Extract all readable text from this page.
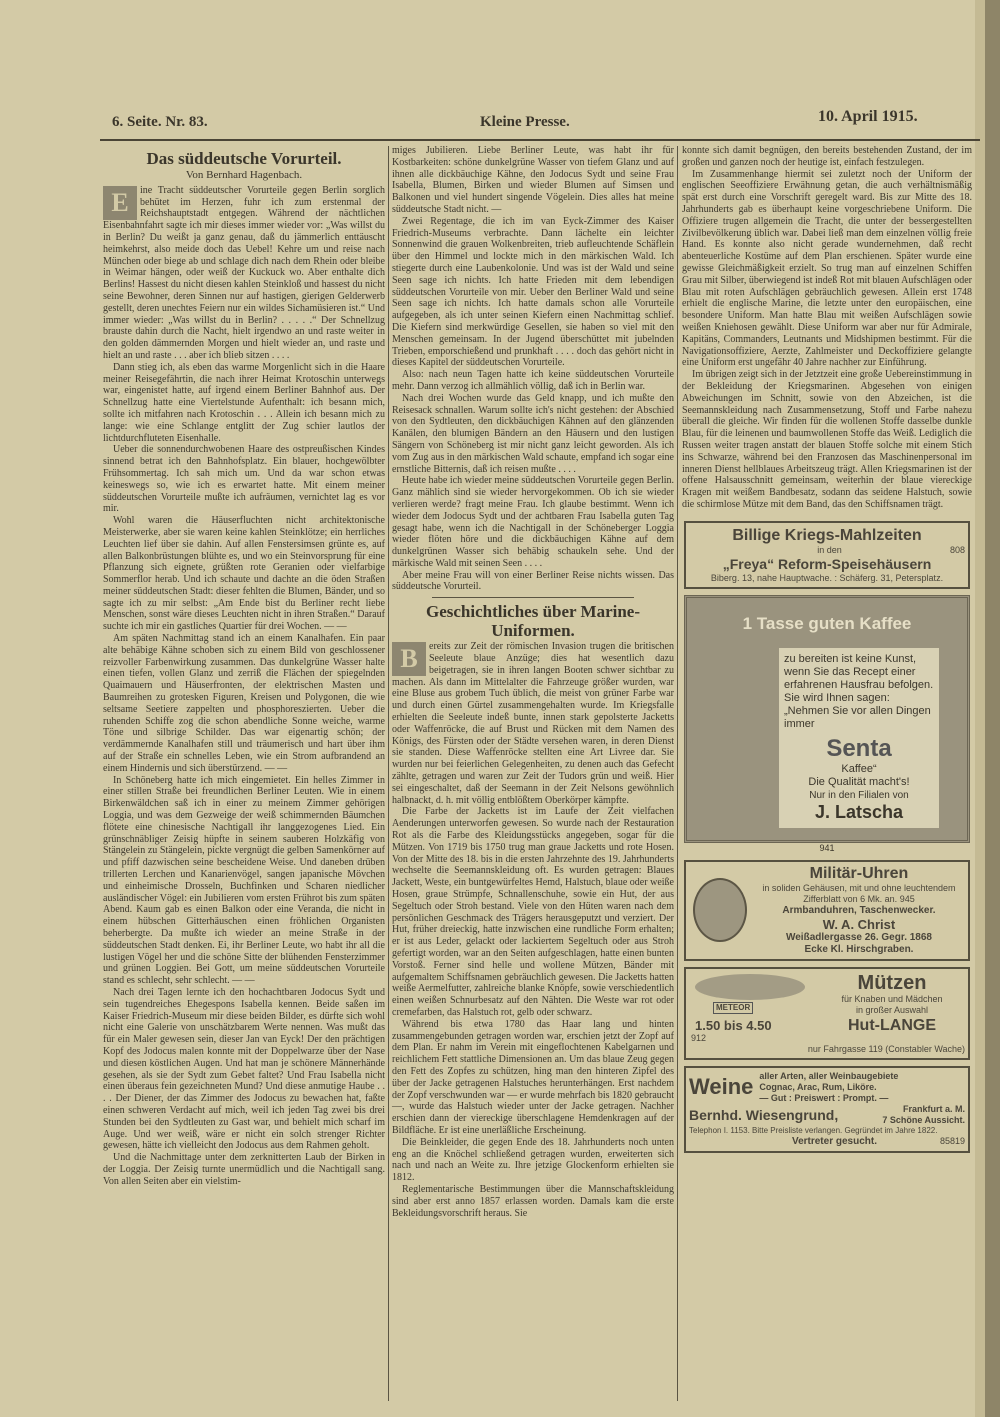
6. Seite. Nr. 83.	Kleine Presse.	10. April 1915.
Das süddeutsche Vorurteil.
Von Bernhard Hagenbach.
E	ine Tracht süddeutscher Vorurteile gegen Berlin sorglich behütet im Herzen, fuhr ich zum erstenmal der Reichshauptstadt entgegen. Während der nächtlichen Eisenbahnfahrt sagte ich mir dieses immer wieder vor: „Was willst du in Berlin? Du weißt ja ganz genau, daß du jämmerlich enttäuscht heimkehrst, also meide doch das Uebel! Kehre um und reise nach München oder biege ab und schlage dich nach dem Rhein oder bleibe in Weimar hängen, oder weiß der Kuckuck wo. Aber enthalte dich Berlins! Hassest du nicht diesen kahlen Steinkloß und hassest du nicht seine Bewohner, deren Sinnen nur auf hastigen, gierigen Gelderwerb gestellt, deren unechtes Feiern nur ein wildes Sichamüsieren ist.“ Und immer wieder: „Was willst du in Berlin? . . . . .“ Der Schnellzug brauste dahin durch die Nacht, hielt irgendwo an und raste weiter in den golden dämmernden Morgen und hielt wieder an, und raste und hielt an und raste . . . aber ich blieb sitzen . . . .

Dann stieg ich, als eben das warme Morgenlicht sich in die Haare meiner Reisegefährtin, die nach ihrer Heimat Krotoschin unterwegs war, eingenistet hatte, auf irgend einem Berliner Bahnhof aus. Der Schnellzug hatte eine Viertelstunde Aufenthalt: ich besann mich, sollte ich mitfahren nach Krotoschin . . . Allein ich besann mich zu lange: wie eine Schlange entglitt der Zug schier lautlos der lichtdurchfluteten Eisenhalle.

Ueber die sonnendurchwobenen Haare des ostpreußischen Kindes sinnend betrat ich den Bahnhofsplatz. Ein blauer, hochgewölbter Frühsommertag. Ich sah mich um. Und da war schon etwas keineswegs so, wie ich es erwartet hatte. Mit einem meiner süddeutschen Vorurteile mußte ich aufräumen, vernichtet lag es vor mir.

Wohl waren die Häuserfluchten nicht architektonische Meisterwerke, aber sie waren keine kahlen Steinklötze; ein herrliches Leuchten lief über sie dahin. Auf allen Fenstersimsen grünte es, auf allen Balkonbrüstungen blühte es, und wo ein Steinvorsprung für eine Pflanzung sich eignete, grüßten rote Geranien oder vielfarbige Sommerflor herab. Und ich schaute und dachte an die öden Straßen meiner süddeutschen Stadt: dieser fehlten die Blumen, Bänder, und so sagte ich zu mir selbst: „Am Ende bist du Berliner recht liebe Menschen, sonst wäre dieses Leuchten nicht in ihren Straßen.“ Darauf suchte ich mir ein gastliches Quartier für drei Wochen. — —

Am späten Nachmittag stand ich an einem Kanalhafen. Ein paar alte behäbige Kähne schoben sich zu einem Bild von geschlossener reizvoller Farbenwirkung zusammen. Das dunkelgrüne Wasser halte einen tiefen, vollen Glanz und zerriß die Flächen der spiegelnden Quaimauern und Häuserfronten, der elektrischen Masten und Baumreihen zu grotesken Figuren, Kreisen und Polygonen, die wie seltsame Seetiere zappelten und phosphoreszierten. Ueber die ruhenden Schiffe zog die schon abendliche Sonne weiche, warme Töne und silbrige Schilder. Das war eigenartig schön; der verdämmernde Kanalhafen still und träumerisch und hart über ihm auf der Straße ein schnelles Leben, wie ein Strom aufbrandend an einem Hindernis und sich überstürzend. — —

In Schöneberg hatte ich mich eingemietet. Ein helles Zimmer in einer stillen Straße bei freundlichen Berliner Leuten. Wie in einem Birkenwäldchen saß ich in einer zu meinem Zimmer gehörigen Loggia, und was dem Gezweige der weiß schimmernden Bäumchen flötete eine chinesische Nachtigall ihr langgezogenes Lied. Ein grünschnäbliger Zeisig hüpfte in seinem sauberen Holzkäfig von Stängelein zu Stängelein, pickte vergnügt die gelben Samenkörner auf und pfiff dazwischen seine bescheidene Weise. Und daneben drüben trillerten Lerchen und Kanarienvögel, sangen japanische Mövchen und einheimische Drosseln, Buchfinken und Scharen niedlicher ausländischer Vögel: ein Jubilieren vom ersten Frührot bis zum späten Abend. Kaum gab es einen Balkon oder eine Veranda, die nicht in einem hübschen Gitterhäuschen einen fröhlichen Organisten beherbergte. Da mußte ich wieder an meine Straße in der süddeutschen Stadt denken. Ei, ihr Berliner Leute, wo habt ihr all die lustigen Vögel her und die schöne Sitte der blühenden Fensterzimmer und grünen Loggien. Bei Gott, um meine süddeutschen Vorurteile stand es schlecht, sehr schlecht. — —

Nach drei Tagen lernte ich den hochachtbaren Jodocus Sydt und sein tugendreiches Ehegespons Isabella kennen. Beide saßen im Kaiser Friedrich-Museum mir diese beiden Bilder, es dürfte sich wohl nicht eine Galerie von unschätzbarem Werte nennen. Was mußt das für ein Maler gewesen sein, dieser Jan van Eyck! Der den prächtigen Kopf des Jodocus malen konnte mit der Doppelwarze über der Nase und diesen köstlichen Augen. Und hat man je schönere Männerhände gesehen, als sie der Sydt zum Gebet faltet? Und Frau Isabella nicht einen überaus fein gezeichneten Mund? Und diese anmutige Haube . . . . Der Diener, der das Zimmer des Jodocus zu bewachen hat, faßte einen schweren Verdacht auf mich, weil ich jeden Tag zwei bis drei Stunden bei den Sydtleuten zu Gast war, und behielt mich scharf im Auge. Und wer weiß, wäre er nicht ein solch strenger Richter gewesen, hätte ich vielleicht den Jodocus aus dem Rahmen geholt.

Und die Nachmittage unter dem zerknitterten Laub der Birken in der Loggia. Der Zeisig turnte unermüdlich und die Nachtigall sang. Von allen Seiten aber ein vielstim-

miges Jubilieren. Liebe Berliner Leute, was habt ihr für Kostbarkeiten: schöne dunkelgrüne Wasser von tiefem Glanz und auf ihnen alle dickbäuchige Kähne, den Jodocus Sydt und seine Frau Isabella, Blumen, Birken und wieder Blumen auf Simsen und Balkonen und viel hundert singende Vögelein. Dies alles hat meine süddeutsche Stadt nicht. —

Zwei Regentage, die ich im van Eyck-Zimmer des Kaiser Friedrich-Museums verbrachte. Dann lächelte ein leichter Sonnenwind die grauen Wolkenbreiten, trieb aufleuchtende Schäflein über den Himmel und lockte mich in den märkischen Wald. Ich stiegerte durch eine Laubenkolonie. Und was ist der Wald und seine Seen sage ich nichts. Ich hatte Frieden mit dem lebendigen süddeutschen Vorurteile von mir. Ueber den Berliner Wald und seine Seen sage ich nichts. Ich hatte damals schon alle Vorurteile aufgegeben, als ich unter seinen Kiefern einen Nachmittag schlief. Die Kiefern sind merkwürdige Gesellen, sie haben so viel mit den Menschen gemeinsam. In der Jugend überschüttet mit jubelnden Trieben, emporschießend und prunkhaft . . . . doch das gehört nicht in dieses Kapitel der süddeutschen Vorurteile.

Also: nach neun Tagen hatte ich keine süddeutschen Vorurteile mehr. Dann verzog ich allmählich völlig, daß ich in Berlin war.

Nach drei Wochen wurde das Geld knapp, und ich mußte den Reisesack schnallen. Warum sollte ich's nicht gestehen: der Abschied von den Sydtleuten, den dickbäuchigen Kähnen auf den glänzenden Kanälen, den blumigen Bändern an den Häusern und den lustigen Sängern von Schöneberg ist mir nicht ganz leicht geworden. Als ich vom Zug aus in den märkischen Wald schaute, empfand ich sogar eine ernstliche Bitternis, daß ich reisen mußte . . . .

Heute habe ich wieder meine süddeutschen Vorurteile gegen Berlin. Ganz mählich sind sie wieder hervorgekommen. Ob ich sie wieder verlieren werde? fragt meine Frau. Ich glaube bestimmt. Wenn ich wieder dem Jodocus Sydt und der achtbaren Frau Isabella guten Tag gesagt habe, wenn ich die Nachtigall in der Schöneberger Loggia wieder flöten höre und die dickbäuchigen Kähne auf dem dunkelgrünen Wasser sich behäbig schaukeln sehe. Und der märkische Wald mit seinen Seen . . . .

Aber meine Frau will von einer Berliner Reise nichts wissen. Das süddeutsche Vorurteil.

Geschichtliches über Marine-Uniformen.
B	ereits zur Zeit der römischen Invasion trugen die britischen Seeleute blaue Anzüge; dies hat wesentlich dazu beigetragen, sie in ihren langen Booten schwer sichtbar zu machen. Als dann im Mittelalter die Fahrzeuge größer wurden, war eine Bluse aus grobem Tuch üblich, die meist von grüner Farbe war und durch einen Gürtel zusammengehalten wurde. Im Kriegsfalle erhielten die Seeleute indeß bunte, innen stark gepolsterte Jacketts oder Waffenröcke, die auf Brust und Rücken mit dem Namen des Königs, des Fürsten oder der Städte versehen waren, in deren Dienst sie standen. Diese Waffenröcke stellten eine Art Livree dar. Sie wurden nur bei feierlichen Gelegenheiten, zu denen auch das Gefecht zählte, getragen und waren zur Zeit der Tudors grün und weiß. Hier sei eingeschaltet, daß der Seemann in der Zeit Nelsons gewöhnlich halbnackt, d. h. mit völlig entblößtem Oberkörper kämpfte.

Die Farbe der Jacketts ist im Laufe der Zeit vielfachen Aenderungen unterworfen gewesen. So wurde nach der Restauration Rot als die Farbe des Kleidungsstücks angegeben, sogar für die Mützen. Von 1719 bis 1750 trug man graue Jacketts und rote Hosen. Von der Mitte des 18. bis in die ersten Jahrzehnte des 19. Jahrhunderts wechselte die Seemannskleidung oft. Es wurden getragen: Blaues Jackett, Weste, ein buntgewürfeltes Hemd, Halstuch, blaue oder weiße Hosen, graue Strümpfe, Schnallenschuhe, sowie ein Hut, der aus Segeltuch oder Stroh bestand. Viele von den Hüten waren nach dem persönlichen Geschmack des Trägers herausgeputzt und verziert. Der Hut, früher dreieckig, hatte inzwischen eine rundliche Form erhalten; er ist aus Leder, gelackt oder lackiertem Segeltuch oder aus Stroh gefertigt worden, war an den Seiten aufgeschlagen, hatte einen bunten Vorstoß. Ferner sind helle und wollene Mützen, Bänder mit aufgemaltem Schiffsnamen gebräuchlich gewesen. Die Jacketts hatten weiße Aermelfutter, zahlreiche blanke Knöpfe, sowie verschiedentlich einen weißen Schnurbesatz auf den Nähten. Die Weste war rot oder cremefarben, das Halstuch rot, gelb oder schwarz.

Während bis etwa 1780 das Haar lang und hinten zusammengebunden getragen worden war, erschien jetzt der Zopf auf dem Plan. Er nahm im Verein mit eingeflochtenen Kabelgarnen und reichlichem Fett stattliche Dimensionen an. Um das blaue Zeug gegen den Fett des Zopfes zu schützen, hing man den hinteren Zipfel des über der Jacke getragenen Halstuches herunterhängen. Erst nachdem der Zopf verschwunden war — er wurde mehrfach bis 1820 gebraucht —, wurde das Halstuch wieder unter der Jacke getragen. Nachher erschien dann der viereckige überschlagene Hemdenkragen auf der Bildfläche. Er ist eine unerläßliche Erscheinung.

Die Beinkleider, die gegen Ende des 18. Jahrhunderts noch unten eng an die Knöchel schließend getragen wurden, erweiterten sich nach und nach an Weite zu. Ihre jetzige Glockenform erhielten sie 1812.

Reglementarische Bestimmungen über die Mannschaftskleidung sind aber erst anno 1857 erlassen worden. Damals kam die erste Bekleidungsvorschrift heraus. Sie

konnte sich damit begnügen, den bereits bestehenden Zustand, der im großen und ganzen noch der heutige ist, einfach festzulegen.

Im Zusammenhange hiermit sei zuletzt noch der Uniform der englischen Seeoffiziere Erwähnung getan, die auch verhältnismäßig spät erst durch eine Vorschrift geregelt ward. Bis zur Mitte des 18. Jahrhunderts gab es überhaupt keine vorgeschriebene Uniform. Die Offiziere trugen allgemein die Tracht, die unter der bessergestellten Zivilbevölkerung üblich war. Dabei ließ man dem einzelnen völlig freie Hand. Es konnte also nicht gerade wundernehmen, daß recht abenteuerliche Kostüme auf dem Plan erschienen. Später wurde eine gewisse Gleichmäßigkeit erzielt. So trug man auf einzelnen Schiffen Grau mit Silber, überwiegend ist indeß Rot mit blauen Aufschlägen oder Blau mit roten Aufschlägen gebräuchlich gewesen. Allein erst 1748 erhielt die englische Marine, die letzte unter den europäischen, eine besondere Uniform. Man hatte Blau mit weißen Aufschlägen sowie weißen Kniehosen gewählt. Diese Uniform war aber nur für Admirale, Kapitäns, Commanders, Leutnants und Midshipmen bestimmt. Für die Navigationsoffiziere, Aerzte, Zahlmeister und Deckoffiziere gelangte eine Uniform erst ungefähr 40 Jahre nachher zur Einführung.

Im übrigen zeigt sich in der Jetztzeit eine große Uebereinstimmung in der Bekleidung der Kriegsmarinen. Abgesehen von einigen Abweichungen im Schnitt, sowie von den Abzeichen, ist die Seemannskleidung nach Zusammensetzung, Stoff und Farbe nahezu überall die gleiche. Wir finden für die wollenen Stoffe dasselbe dunkle Blau, für die leinenen und baumwollenen Stoffe das Weiß. Lediglich die Russen weiter tragen anstatt der blauen Stoffe solche mit einem Stich ins Schwarze, während bei den Franzosen das Maschinenpersonal im inneren Dienst hellblaues Arbeitszeug trägt. Allen Kriegsmarinen ist der offene Halsausschnitt gemeinsam, weiterhin der blaue viereckige Kragen mit weißem Bandbesatz, sodann das seidene Halstuch, sowie die schirmlose Mütze mit dem Band, das den Schiffsnamen trägt.

Billige Kriegs-Mahlzeiten
in den	808
„Freya“ Reform-Speisehäusern
Biberg. 13, nahe Hauptwache. : Schäferg. 31, Petersplatz.
1 Tasse guten Kaffee
zu bereiten ist keine Kunst, wenn Sie das Recept einer erfahrenen Hausfrau befolgen. Sie wird Ihnen sagen: „Nehmen Sie vor allen Dingen immer
Senta
Kaffee“
Die Qualität macht's!
Nur in den Filialen von
J. Latscha
941
Militär-Uhren
in soliden Gehäusen, mit und ohne leuchtendem
Zifferblatt von 6 Mk. an. 945
Armbanduhren, Taschenwecker.
W. A. Christ
Weißadlergasse 26. Gegr. 1868
Ecke Kl. Hirschgraben.
METEOR
1.50 bis 4.50
912
Mützen
für Knaben und Mädchen
in großer Auswahl
Hut-LANGE
nur Fahrgasse 119 (Constabler Wache)
Weine aller Arten, aller Weinbaugebiete
Cognac, Arac, Rum, Liköre.
— Gut : Preiswert : Prompt. —
Bernhd. Wiesengrund,	Frankfurt a. M.
7 Schöne Aussicht.
Telephon I. 1153. Bitte Preisliste verlangen. Gegründet im Jahre 1822.
Vertreter gesucht.	85819
